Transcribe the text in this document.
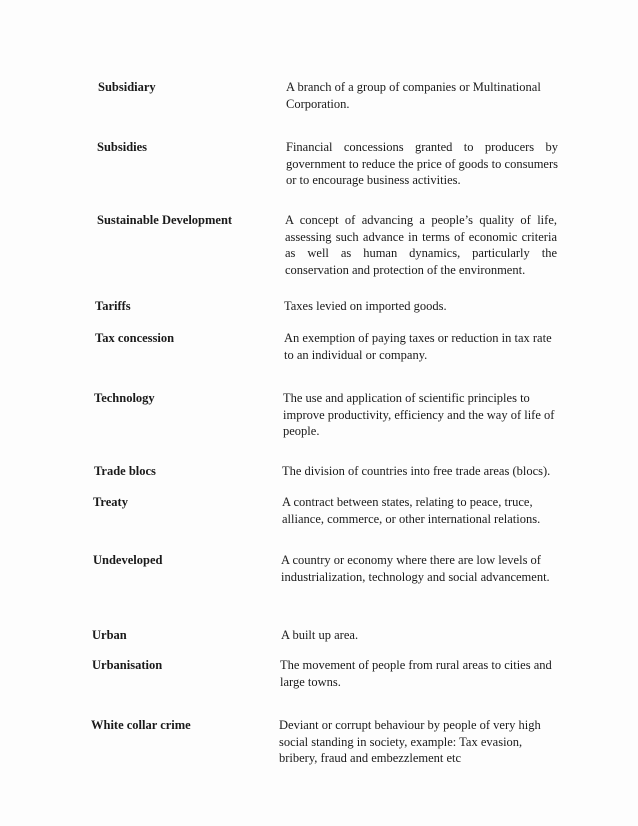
Subsidiary	A branch of a group of companies or Multinational Corporation.
Subsidies	Financial concessions granted to producers by government to reduce the price of goods to consumers or to encourage business activities.
Sustainable Development	A concept of advancing a people’s quality of life, assessing such advance in terms of economic criteria as well as human dynamics, particularly the conservation and protection of the environment.
Tariffs	Taxes levied on imported goods.
Tax concession	An exemption of paying taxes or reduction in tax rate to an individual or company.
Technology	The use and application of scientific principles to improve productivity, efficiency and the way of life of people.
Trade blocs	The division of countries into free trade areas (blocs).
Treaty	A contract between states, relating to peace, truce, alliance, commerce, or other international relations.
Undeveloped	A country or economy where there are low levels of industrialization, technology and social advancement.
Urban	A built up area.
Urbanisation	The movement of people from rural areas to cities and large towns.
White collar crime	Deviant or corrupt behaviour by people of very high social standing in society, example: Tax evasion, bribery, fraud and embezzlement etc
